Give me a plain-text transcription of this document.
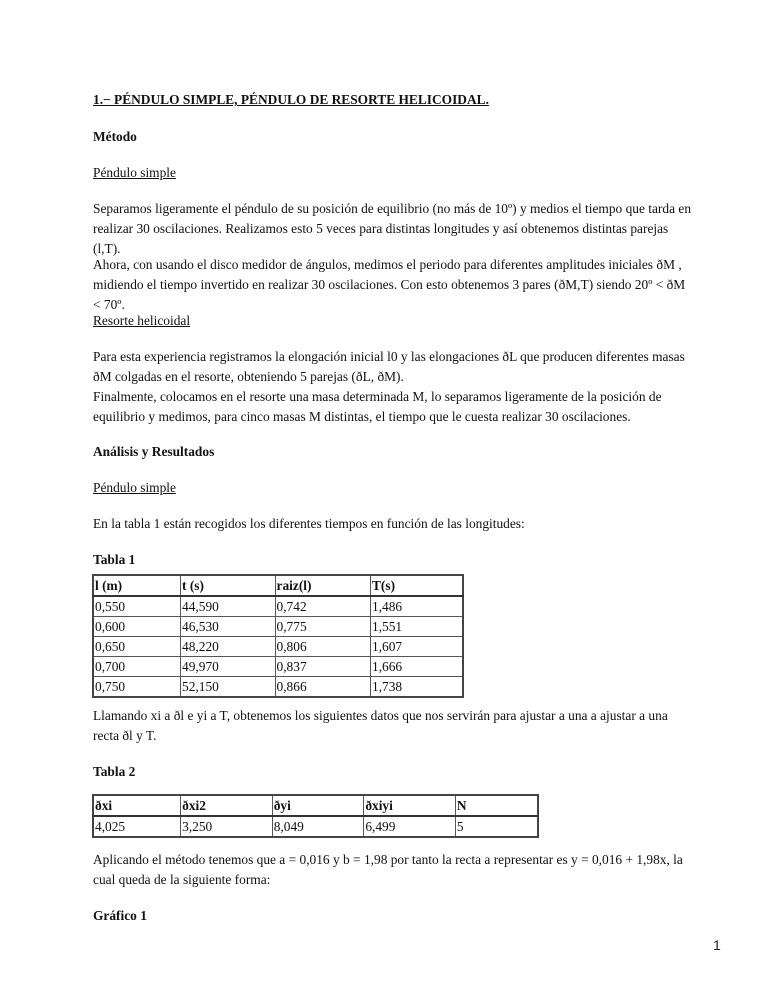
1.− PÉNDULO SIMPLE, PÉNDULO DE RESORTE HELICOIDAL.
Método
Péndulo simple
Separamos ligeramente el péndulo de su posición de equilibrio (no más de 10º) y medios el tiempo que tarda en realizar 30 oscilaciones. Realizamos esto 5 veces para distintas longitudes y así obtenemos distintas parejas (l,T).
Ahora, con usando el disco medidor de ángulos, medimos el periodo para diferentes amplitudes iniciales ðM , midiendo el tiempo invertido en realizar 30 oscilaciones. Con esto obtenemos 3 pares (ðM,T) siendo 20º < ðM < 70º.
Resorte helicoidal
Para esta experiencia registramos la elongación inicial l0 y las elongaciones ðL que producen diferentes masas ðM colgadas en el resorte, obteniendo 5 parejas (ðL, ðM).
Finalmente, colocamos en el resorte una masa determinada M, lo separamos ligeramente de la posición de equilibrio y medimos, para cinco masas M distintas, el tiempo que le cuesta realizar 30 oscilaciones.
Análisis y Resultados
Péndulo simple
En la tabla 1 están recogidos los diferentes tiempos en función de las longitudes:
Tabla 1
l (m)	t (s)	raiz(l)	T(s)
0,550	44,590	0,742	1,486
0,600	46,530	0,775	1,551
0,650	48,220	0,806	1,607
0,700	49,970	0,837	1,666
0,750	52,150	0,866	1,738
Llamando xi a ðl e yi a T, obtenemos los siguientes datos que nos servirán para ajustar a una a ajustar a una recta ðl y T.
Tabla 2
ðxi	ðxi2	ðyi	ðxiyi	N
4,025	3,250	8,049	6,499	5
Aplicando el método tenemos que a = 0,016 y b = 1,98 por tanto la recta a representar es y = 0,016 + 1,98x, la cual queda de la siguiente forma:
Gráfico 1
1
